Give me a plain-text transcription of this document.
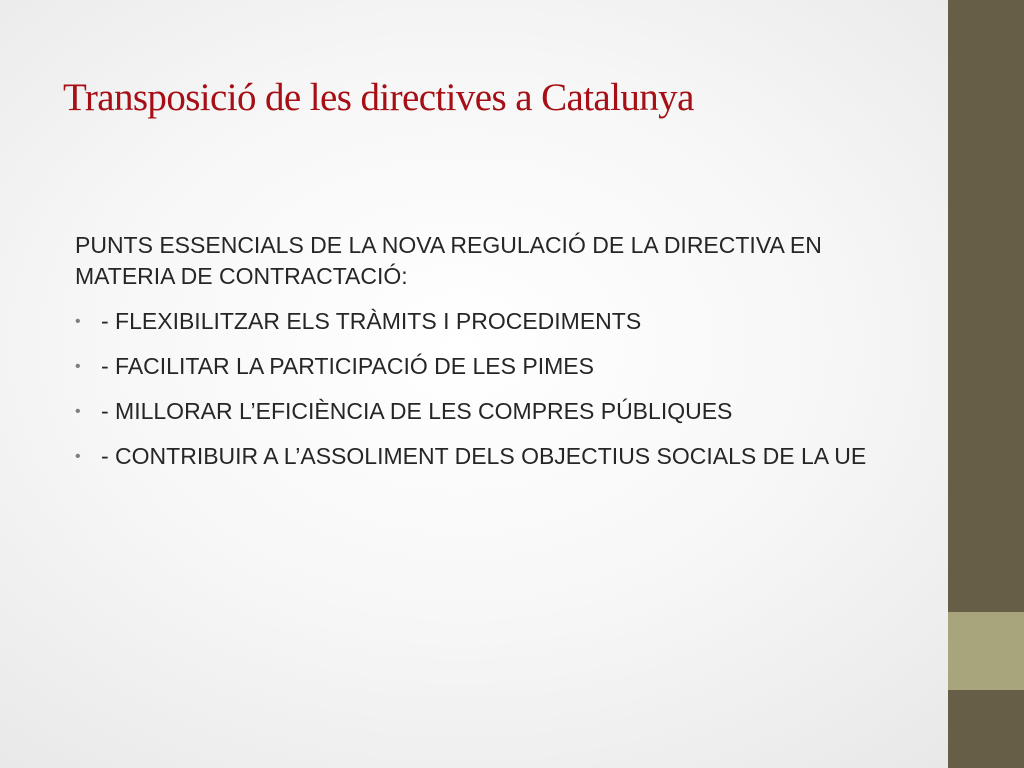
Transposició de les directives a Catalunya

PUNTS ESSENCIALS DE LA NOVA REGULACIÓ DE LA DIRECTIVA EN MATERIA DE CONTRACTACIÓ:

• - FLEXIBILITZAR ELS TRÀMITS I PROCEDIMENTS
• - FACILITAR LA PARTICIPACIÓ DE LES PIMES
• - MILLORAR L’EFICIÈNCIA DE LES COMPRES PÚBLIQUES
• - CONTRIBUIR A L’ASSOLIMENT DELS OBJECTIUS SOCIALS DE LA UE
